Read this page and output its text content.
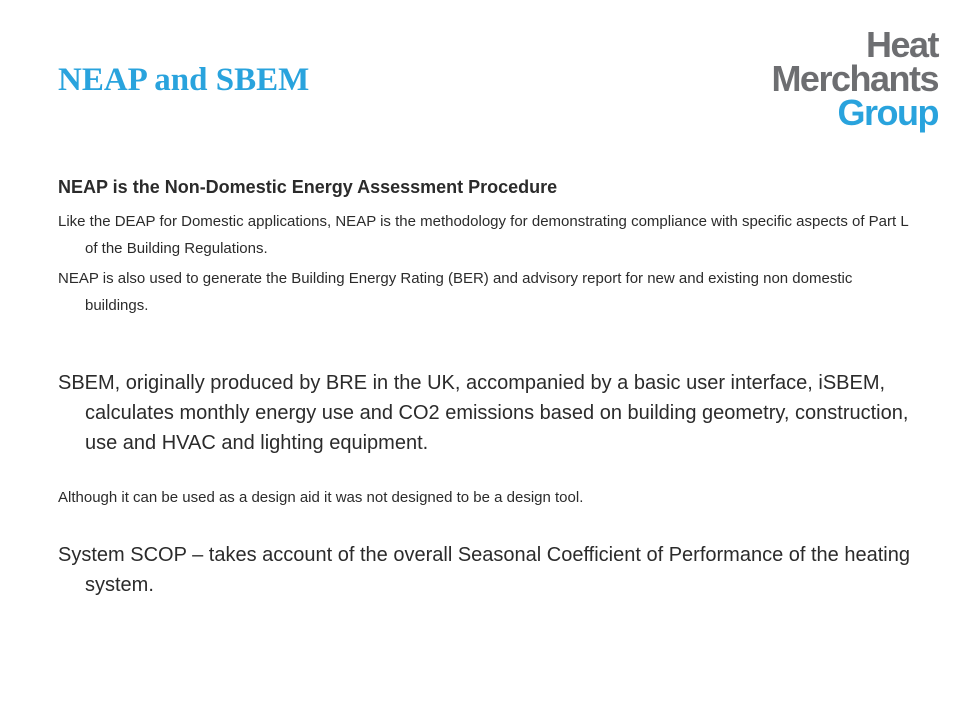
NEAP and SBEM
Heat
Merchants
Group

NEAP is the Non-Domestic Energy Assessment Procedure

Like the DEAP for Domestic applications, NEAP is the methodology for demonstrating compliance with specific aspects of Part L of the Building Regulations.

NEAP is also used to generate the Building Energy Rating (BER) and advisory report for new and existing non domestic buildings.

SBEM, originally produced by BRE in the UK, accompanied by a basic user interface, iSBEM, calculates monthly energy use and CO2 emissions based on building geometry, construction, use and HVAC and lighting equipment.

Although it can be used as a design aid it was not designed to be a design tool.

System SCOP – takes account of the overall Seasonal Coefficient of Performance of the heating system.
